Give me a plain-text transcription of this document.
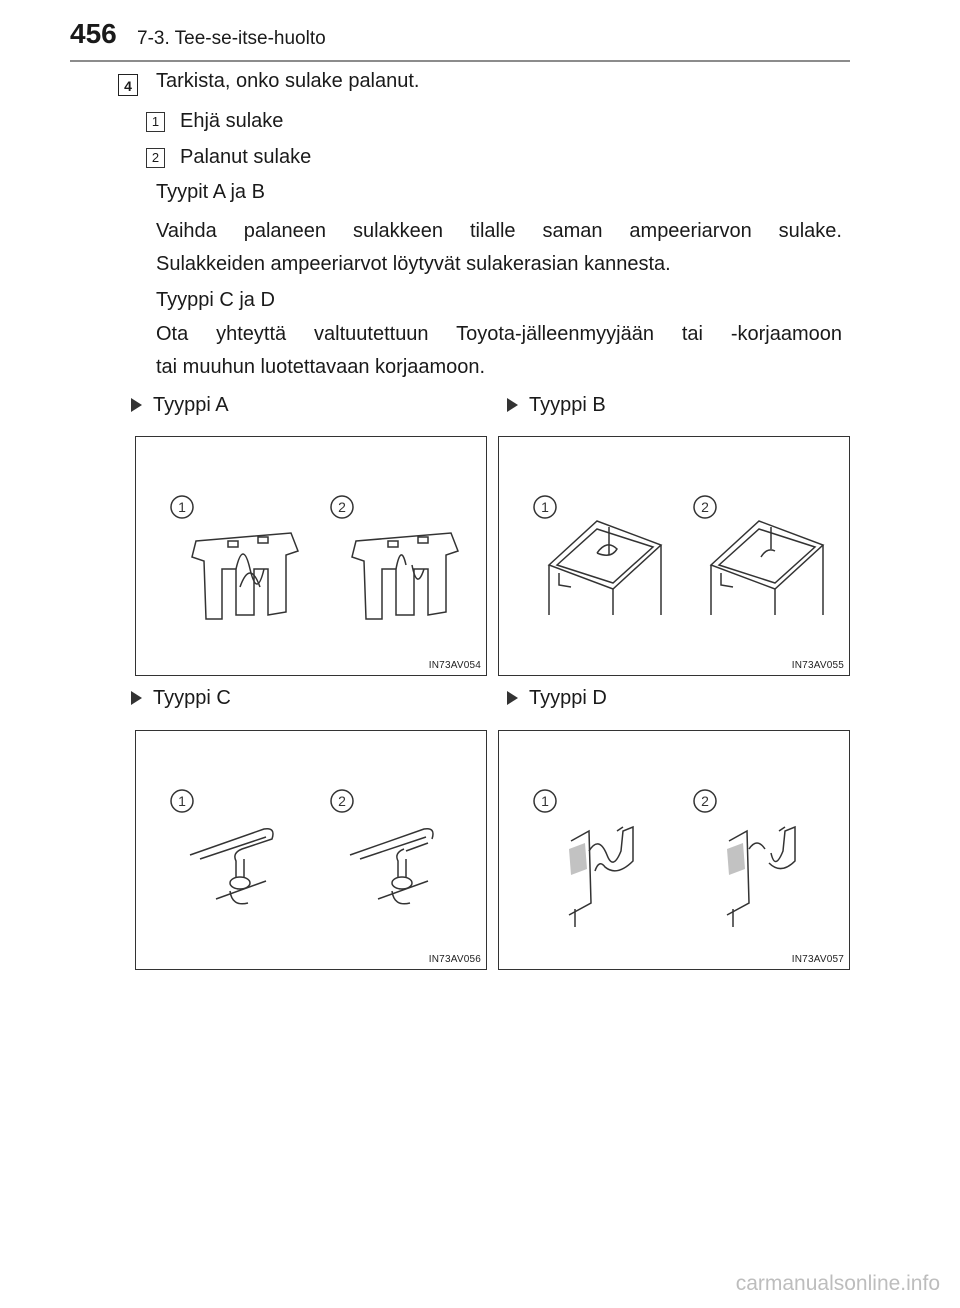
456 7-3. Tee-se-itse-huolto
4	Tarkista, onko sulake palanut.
1 Ehjä sulake
2 Palanut sulake
Tyypit A ja B
Vaihda palaneen sulakkeen tilalle saman ampeeriarvon sulake.
Sulakkeiden ampeeriarvot löytyvät sulakerasian kannesta.
Tyyppi C ja D
Ota yhteyttä valtuutettuun Toyota-jälleenmyyjään tai -korjaamoon
tai muuhun luotettavaan korjaamoon.
Tyyppi A	Tyyppi B
Tyyppi C	Tyyppi D
1	2
IN73AV054
1	2
IN73AV055
1	2
IN73AV056
1	2
IN73AV057
carmanualsonline.info
